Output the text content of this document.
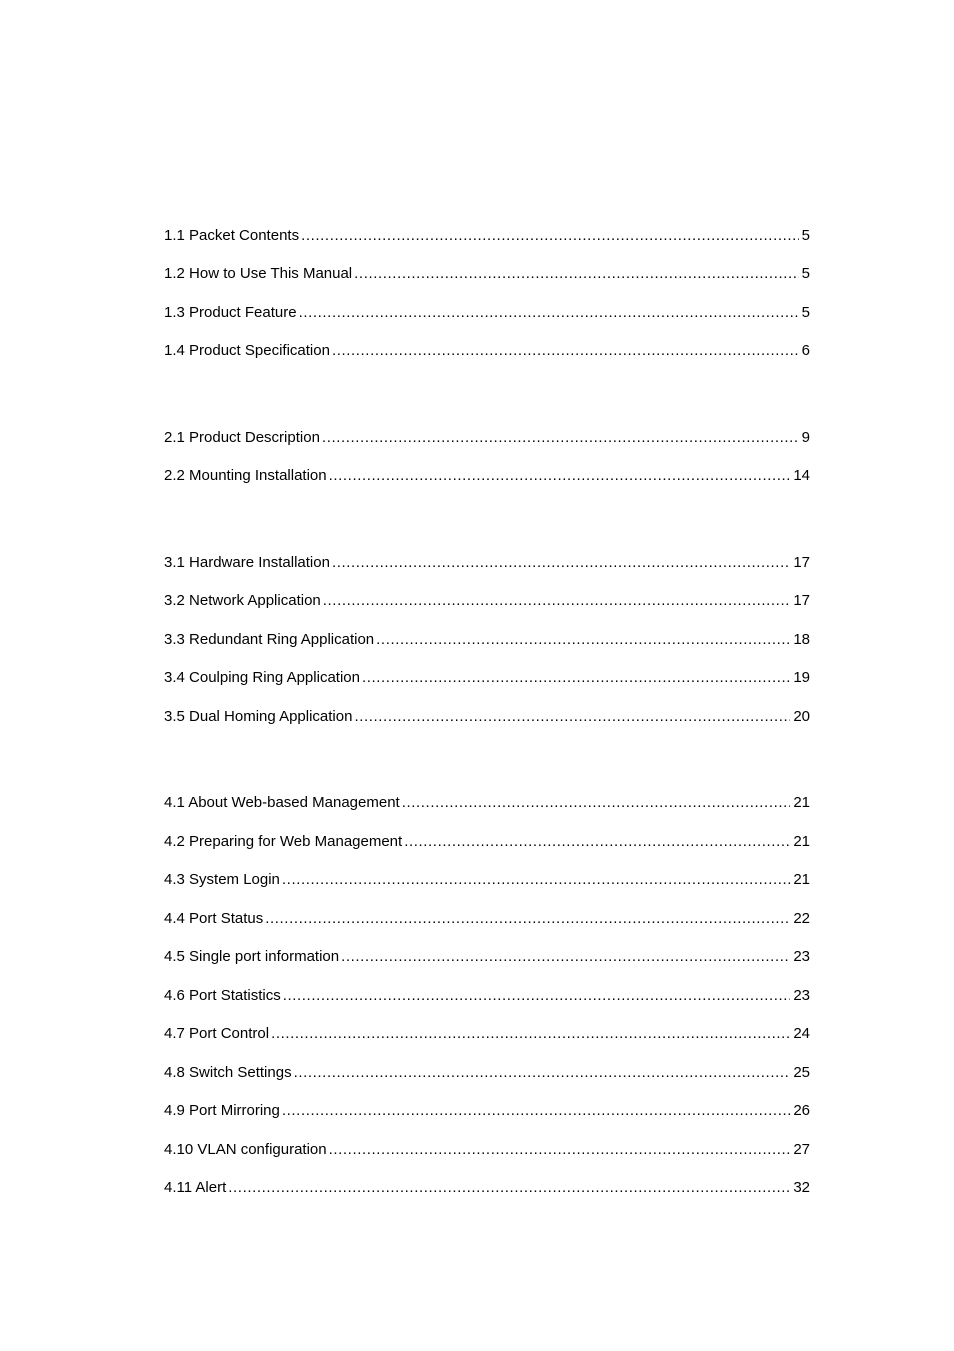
1.1 Packet Contents .....	5
1.2 How to Use This Manual .....	5
1.3 Product Feature .....	5
1.4 Product Specification .....	6
2.1 Product Description .....	9
2.2 Mounting Installation .....	14
3.1 Hardware Installation .....	17
3.2 Network Application .....	17
3.3 Redundant Ring Application .....	18
3.4 Coulping Ring Application .....	19
3.5 Dual Homing Application .....	20
4.1 About Web-based Management .....	21
4.2 Preparing for Web Management .....	21
4.3 System Login .....	21
4.4 Port Status .....	22
4.5 Single port information .....	23
4.6 Port Statistics .....	23
4.7 Port Control .....	24
4.8 Switch Settings .....	25
4.9 Port Mirroring .....	26
4.10 VLAN configuration .....	27
4.11 Alert .....	32
